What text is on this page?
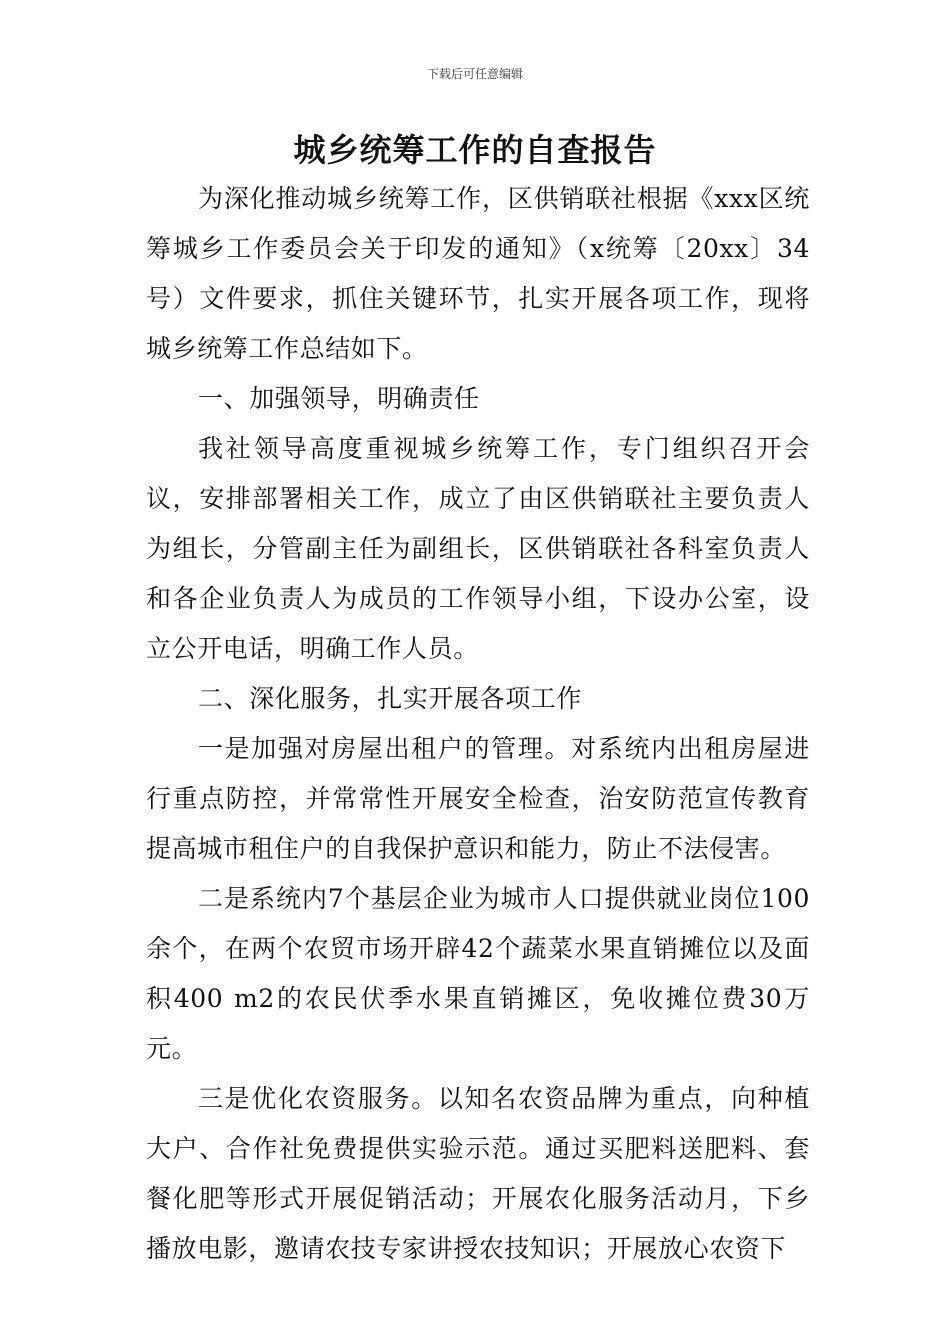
下载后可任意编辑
城乡统筹工作的自查报告

为深化推动城乡统筹工作，区供销联社根据《xxx区统筹城乡工作委员会关于印发的通知》（x统筹〔20xx〕34号）文件要求，抓住关键环节，扎实开展各项工作，现将城乡统筹工作总结如下。

一、加强领导，明确责任

我社领导高度重视城乡统筹工作，专门组织召开会议，安排部署相关工作，成立了由区供销联社主要负责人为组长，分管副主任为副组长，区供销联社各科室负责人和各企业负责人为成员的工作领导小组，下设办公室，设立公开电话，明确工作人员。

二、深化服务，扎实开展各项工作

一是加强对房屋出租户的管理。对系统内出租房屋进行重点防控，并常常性开展安全检查，治安防范宣传教育提高城市租住户的自我保护意识和能力，防止不法侵害。

二是系统内7个基层企业为城市人口提供就业岗位100余个，在两个农贸市场开辟42个蔬菜水果直销摊位以及面积400 m2的农民伏季水果直销摊区，免收摊位费30万元。

三是优化农资服务。以知名农资品牌为重点，向种植大户、合作社免费提供实验示范。通过买肥料送肥料、套餐化肥等形式开展促销活动；开展农化服务活动月，下乡播放电影，邀请农技专家讲授农技知识；开展放心农资下
